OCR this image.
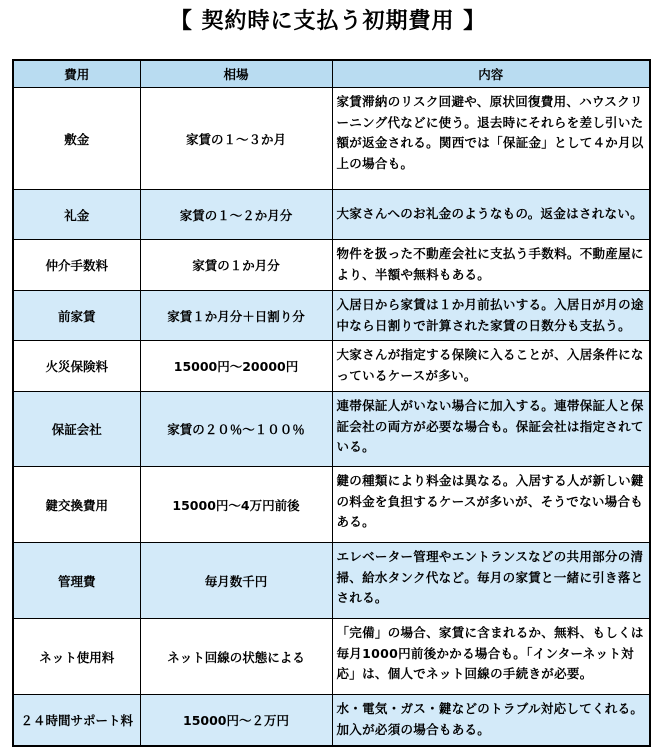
【 契約時に支払う初期費用 】
費用	相場	内容
敷金	家賃の１～３か月	家賃滞納のリスク回避や、原状回復費用、ハウスクリーニング代などに使う。退去時にそれらを差し引いた額が返金される。関西では「保証金」として４か月以上の場合も。
礼金	家賃の１～２か月分	大家さんへのお礼金のようなもの。返金はされない。
仲介手数料	家賃の１か月分	物件を扱った不動産会社に支払う手数料。不動産屋により、半額や無料もある。
前家賃	家賃１か月分＋日割り分	入居日から家賃は１か月前払いする。入居日が月の途中なら日割りで計算された家賃の日数分も支払う。
火災保険料	15000円～20000円	大家さんが指定する保険に入ることが、入居条件になっているケースが多い。
保証会社	家賃の２０％～１００％	連帯保証人がいない場合に加入する。連帯保証人と保証会社の両方が必要な場合も。保証会社は指定されている。
鍵交換費用	15000円～4万円前後	鍵の種類により料金は異なる。入居する人が新しい鍵の料金を負担するケースが多いが、そうでない場合もある。
管理費	毎月数千円	エレベーター管理やエントランスなどの共用部分の清掃、給水タンク代など。毎月の家賃と一緒に引き落とされる。
ネット使用料	ネット回線の状態による	「完備」の場合、家賃に含まれるか、無料、もしくは毎月1000円前後かかる場合も。「インターネット対応」は、個人でネット回線の手続きが必要。
２４時間サポート料	15000円～２万円	水・電気・ガス・鍵などのトラブル対応してくれる。加入が必須の場合もある。
